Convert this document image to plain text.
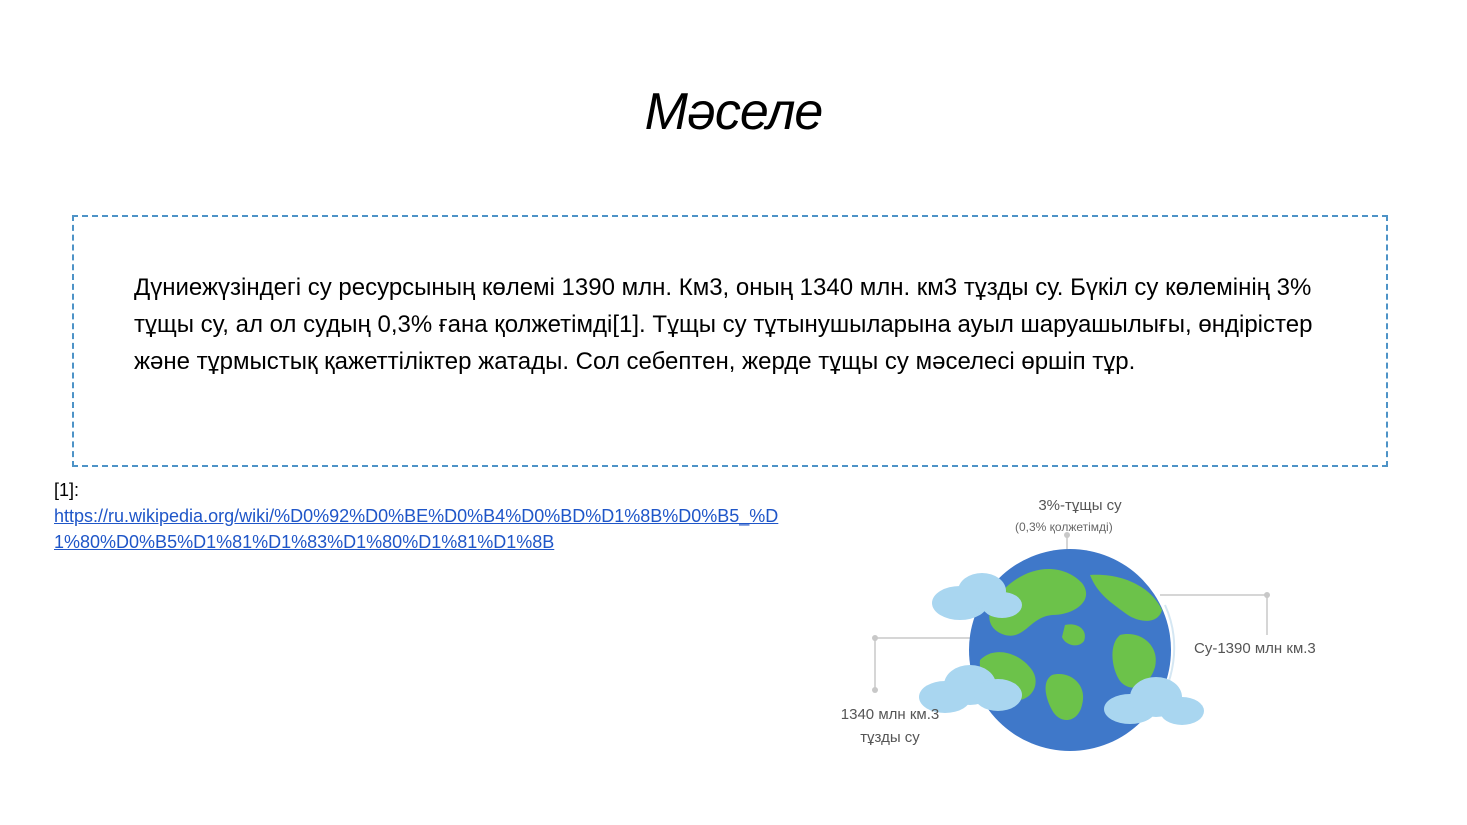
Мәселе
Дүниежүзіндегі су ресурсының көлемі 1390 млн. Км3, оның 1340 млн. км3 тұзды су. Бүкіл су көлемінің 3% тұщы су, ал ол судың 0,3% ғана қолжетімді[1]. Тұщы су тұтынушыларына ауыл шаруашылығы, өндірістер және тұрмыстық қажеттіліктер жатады. Сол себептен, жерде тұщы су мәселесі өршіп тұр.
[1]:
https://ru.wikipedia.org/wiki/%D0%92%D0%BE%D0%B4%D0%BD%D1%8B%D0%B5_%D1%80%D0%B5%D1%81%D1%83%D1%80%D1%81%D1%8B
3%-тұщы су
(0,3% қолжетімді)
Су-1390 млн км.3
1340 млн км.3
тұзды су
